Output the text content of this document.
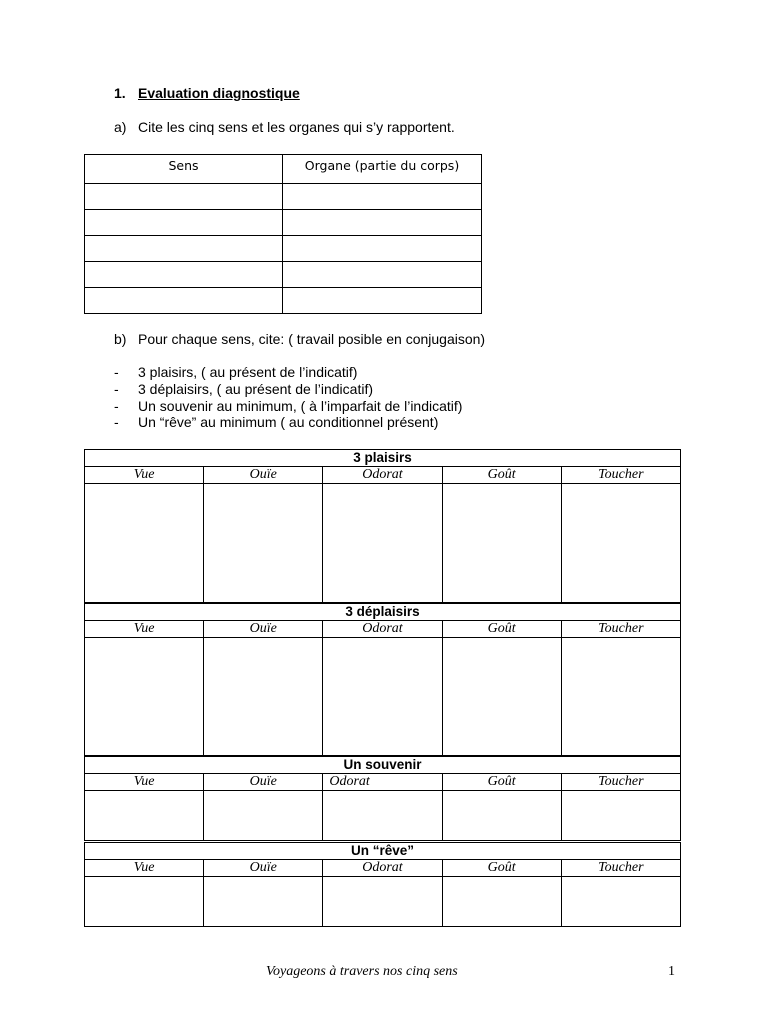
1. Evaluation diagnostique
a) Cite les cinq sens et les organes qui s’y rapportent.
Sens	Organe (partie du corps)

b) Pour chaque sens, cite: ( travail posible en conjugaison)
- 3 plaisirs, ( au présent de l’indicatif)
- 3 déplaisirs, ( au présent de l’indicatif)
- Un souvenir au minimum, ( à l’imparfait de l’indicatif)
- Un “rêve” au minimum ( au conditionnel présent)
3 plaisirs				
Vue	Ouïe	Odorat	Goût	Toucher

3 déplaisirs				
Vue	Ouïe	Odorat	Goût	Toucher

Un souvenir				
Vue	Ouïe	Odorat	Goût	Toucher

Un “rêve”				
Vue	Ouïe	Odorat	Goût	Toucher

Voyageons à travers nos cinq sens	1
